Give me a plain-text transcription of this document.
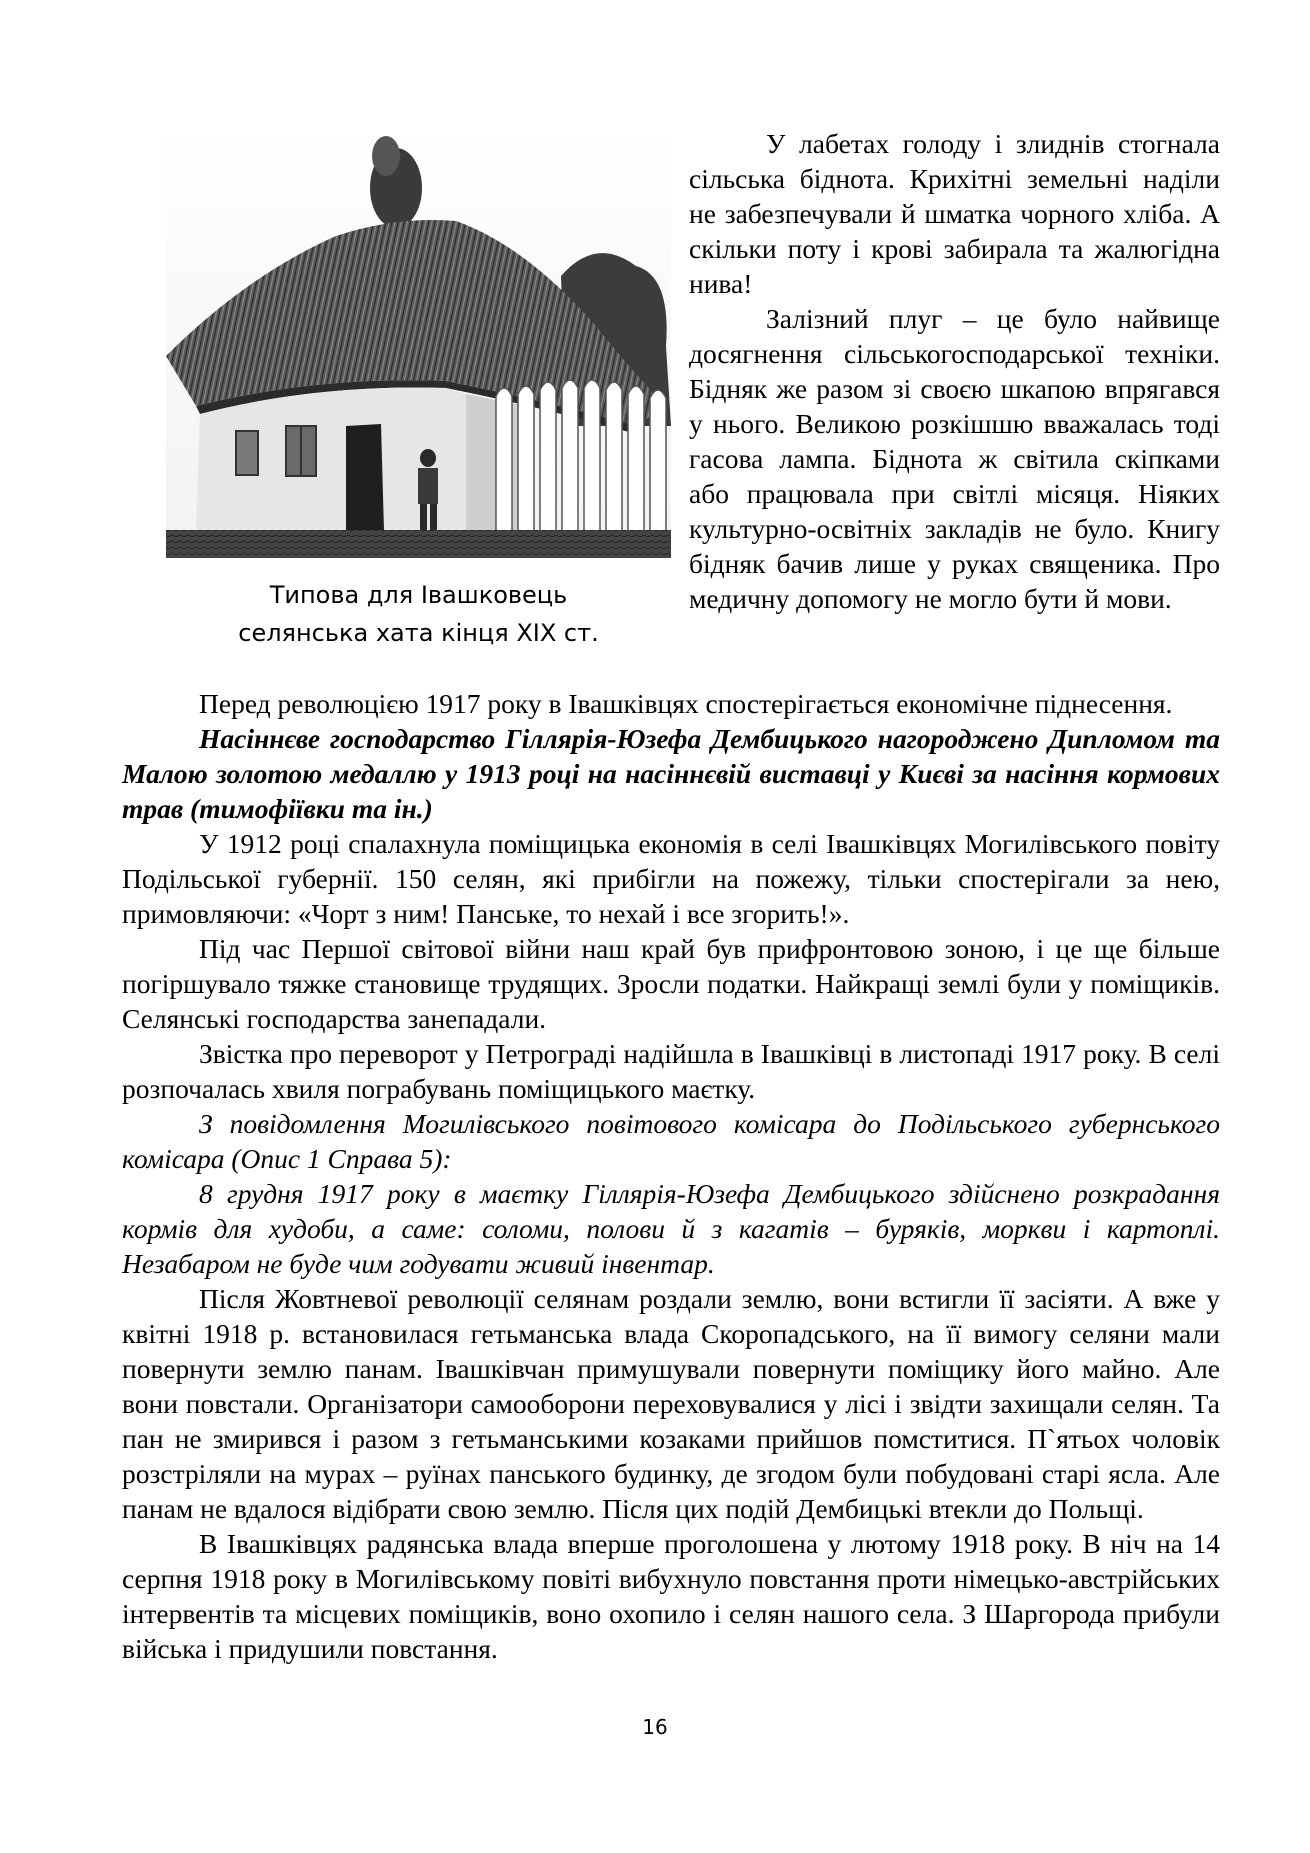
Типова для Івашковець
селянська хата кінця XIX ст.

У лабетах голоду і злиднів стогнала сільська біднота. Крихітні земельні наділи не забезпечували й шматка чорного хліба. А скільки поту і крові забирала та жалюгідна нива!

Залізний плуг – це було найвище досягнення сільськогосподарської техніки. Бідняк же разом зі своєю шкапою впрягався у нього. Великою розкішшю вважалась тоді гасова лампа. Біднота ж світила скіпками або працювала при світлі місяця. Ніяких культурно-освітніх закладів не було. Книгу бідняк бачив лише у руках священика. Про медичну допомогу не могло бути й мови.

Перед революцією 1917 року в Івашківцях спостерігається економічне піднесення.

Насіннєве господарство Гіллярія-Юзефа Дембицького нагороджено Дипломом та Малою золотою медаллю у 1913 році на насіннєвій виставці у Києві за насіння кормових трав (тимофіївки та ін.)

У 1912 році спалахнула поміщицька економія в селі Івашківцях Могилівського повіту Подільської губернії. 150 селян, які прибігли на пожежу, тільки спостерігали за нею, примовляючи: «Чорт з ним! Панське, то нехай і все згорить!».

Під час Першої світової війни наш край був прифронтовою зоною, і це ще більше погіршувало тяжке становище трудящих. Зросли податки. Найкращі землі були у поміщиків. Селянські господарства занепадали.

Звістка про переворот у Петрограді надійшла в Івашківці в листопаді 1917 року. В селі розпочалась хвиля пограбувань поміщицького маєтку.

З повідомлення Могилівського повітового комісара до Подільського губернського комісара (Опис 1 Справа 5):

8 грудня 1917 року в маєтку Гіллярія-Юзефа Дембицького здійснено розкрадання кормів для худоби, а саме: соломи, полови й з кагатів – буряків, моркви і картоплі. Незабаром не буде чим годувати живий інвентар.

Після Жовтневої революції селянам роздали землю, вони встигли її засіяти. А вже у квітні 1918 р. встановилася гетьманська влада Скоропадського, на її вимогу селяни мали повернути землю панам. Івашківчан примушували повернути поміщику його майно. Але вони повстали. Організатори самооборони переховувалися у лісі і звідти захищали селян. Та пан не змирився і разом з гетьманськими козаками прийшов помститися. П`ятьох чоловік розстріляли на мурах – руїнах панського будинку, де згодом були побудовані старі ясла. Але панам не вдалося відібрати свою землю. Після цих подій Дембицькі втекли до Польщі.

В Івашківцях радянська влада вперше проголошена у лютому 1918 року. В ніч на 14 серпня 1918 року в Могилівському повіті вибухнуло повстання проти німецько-австрійських інтервентів та місцевих поміщиків, воно охопило і селян нашого села. З Шаргорода прибули війська і придушили повстання.

16
